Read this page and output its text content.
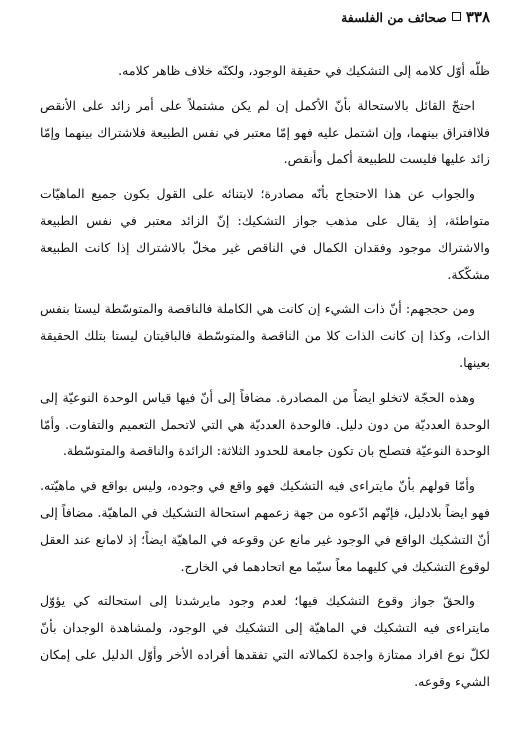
٣٣٨
صحائف من الفلسفة

ظلّه أوّل كلامه إلى التشكيك في حقيقة الوجود، ولكنّه خلاف ظاهر كلامه.

احتجّ القائل بالاستحالة بأنّ الأكمل إن لم يكن مشتملاً على أمر زائد على الأنقص فلاافتراق بينهما، وإن اشتمل عليه فهو إمّا معتبر في نفس الطبيعة فلاشتراك بينهما وإمّا زائد عليها فليست للطبيعة أكمل وأنقص.

والجواب عن هذا الاحتجاج بأنّه مصادرة؛ لابتنائه على القول بكون جميع الماهيّات متواطئة، إذ يقال على مذهب جواز التشكيك: إنّ الزائد معتبر في نفس الطبيعة والاشتراك موجود وفقدان الكمال في الناقص غير مخلّ بالاشتراك إذا كانت الطبيعة مشكّكة.

ومن حججهم: أنّ ذات الشيء إن كانت هي الكاملة فالناقصة والمتوسّطة ليستا بنفس الذات، وكذا إن كانت الذات كلا من الناقصة والمتوسّطة فالباقيتان ليستا بتلك الحقيقة بعينها.

وهذه الحجّة لاتخلو ايضاً من المصادرة. مضافاً إلى أنّ فيها قياس الوحدة النوعيّة إلى الوحدة العدديّة من دون دليل. فالوحدة العدديّة هي التي لاتحمل التعميم والتفاوت. وأمّا الوحدة النوعيّة فتصلح بان تكون جامعة للحدود الثلاثة: الزائدة والناقصة والمتوسّطة.

وأمّا قولهم بأنّ مايتراءى فيه التشكيك فهو واقع في وجوده، وليس بواقع في ماهيّته. فهو ايضاً بلادليل، فإنّهم ادّعوه من جهة زعمهم استحالة التشكيك في الماهيّة. مضافاً إلى أنّ التشكيك الواقع في الوجود غير مانع عن وقوعه في الماهيّة ايضاً؛ إذ لامانع عند العقل لوقوع التشكيك في كليهما معاً سيّما مع اتحادهما في الخارج.

والحقّ جواز وقوع التشكيك فيها؛ لعدم وجود مايرشدنا إلى استحالته كي يؤوّل مايتراءى فيه التشكيك في الماهيّة إلى التشكيك في الوجود، ولمشاهدة الوجدان بأنّ لكلّ نوع افراد ممتازة واجدة لكمالاته التي تفقدها أفراده الأخر وأوّل الدليل على إمكان الشيء وقوعه.
